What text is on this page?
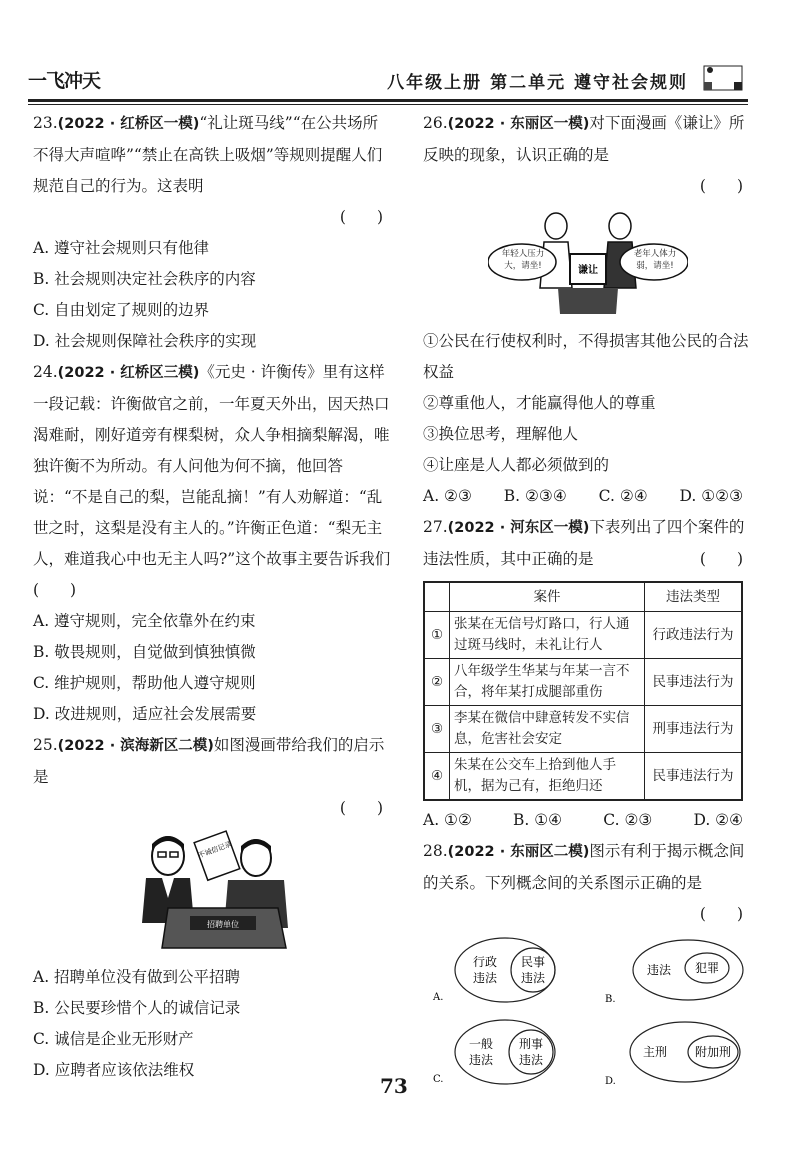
一飞冲天	八年级上册 第二单元 遵守社会规则

23.(2022 · 红桥区一模)“礼让斑马线”“在公共场所不得大声喧哗”“禁止在高铁上吸烟”等规则提醒人们规范自己的行为。这表明

(　　)

A. 遵守社会规则只有他律

B. 社会规则决定社会秩序的内容

C. 自由划定了规则的边界

D. 社会规则保障社会秩序的实现

24.(2022 · 红桥区三模)《元史 · 许衡传》里有这样一段记载：许衡做官之前，一年夏天外出，因天热口渴难耐，刚好道旁有棵梨树，众人争相摘梨解渴，唯独许衡不为所动。有人问他为何不摘，他回答说：“不是自己的梨，岂能乱摘！”有人劝解道：“乱世之时，这梨是没有主人的。”许衡正色道：“梨无主人，难道我心中也无主人吗?”这个故事主要告诉我们(　　)

A. 遵守规则，完全依靠外在约束

B. 敬畏规则，自觉做到慎独慎微

C. 维护规则，帮助他人遵守规则

D. 改进规则，适应社会发展需要

25.(2022 · 滨海新区二模)如图漫画带给我们的启示是

(　　)

不诚信记录
招聘单位

A. 招聘单位没有做到公平招聘

B. 公民要珍惜个人的诚信记录

C. 诚信是企业无形财产

D. 应聘者应该依法维权

26.(2022 · 东丽区一模)对下面漫画《谦让》所反映的现象，认识正确的是

(　　)

谦让
年轻人压力大，请坐!
老年人体力弱，请坐!

①公民在行使权利时，不得损害其他公民的合法权益

②尊重他人，才能赢得他人的尊重

③换位思考，理解他人

④让座是人人都必须做到的

A. ②③ B. ②③④ C. ②④ D. ①②③

27.(2022 · 河东区一模)下表列出了四个案件的违法性质，其中正确的是	(　　)

	案件	违法类型
①	张某在无信号灯路口，行人通过斑马线时，未礼让行人	行政违法行为
②	八年级学生华某与年某一言不合，将年某打成腿部重伤	民事违法行为
③	李某在微信中肆意转发不实信息，危害社会安定	刑事违法行为
④	朱某在公交车上拾到他人手机，据为己有，拒绝归还	民事违法行为
A. ①②	B. ①④	C. ②③	D. ②④

28.(2022 · 东丽区二模)图示有利于揭示概念间的关系。下列概念间的关系图示正确的是

(　　)

行政
违法
民事
违法
A.
违法 犯罪
B.
一般
违法
刑事
违法
C.
主刑 附加刑
D.
73
